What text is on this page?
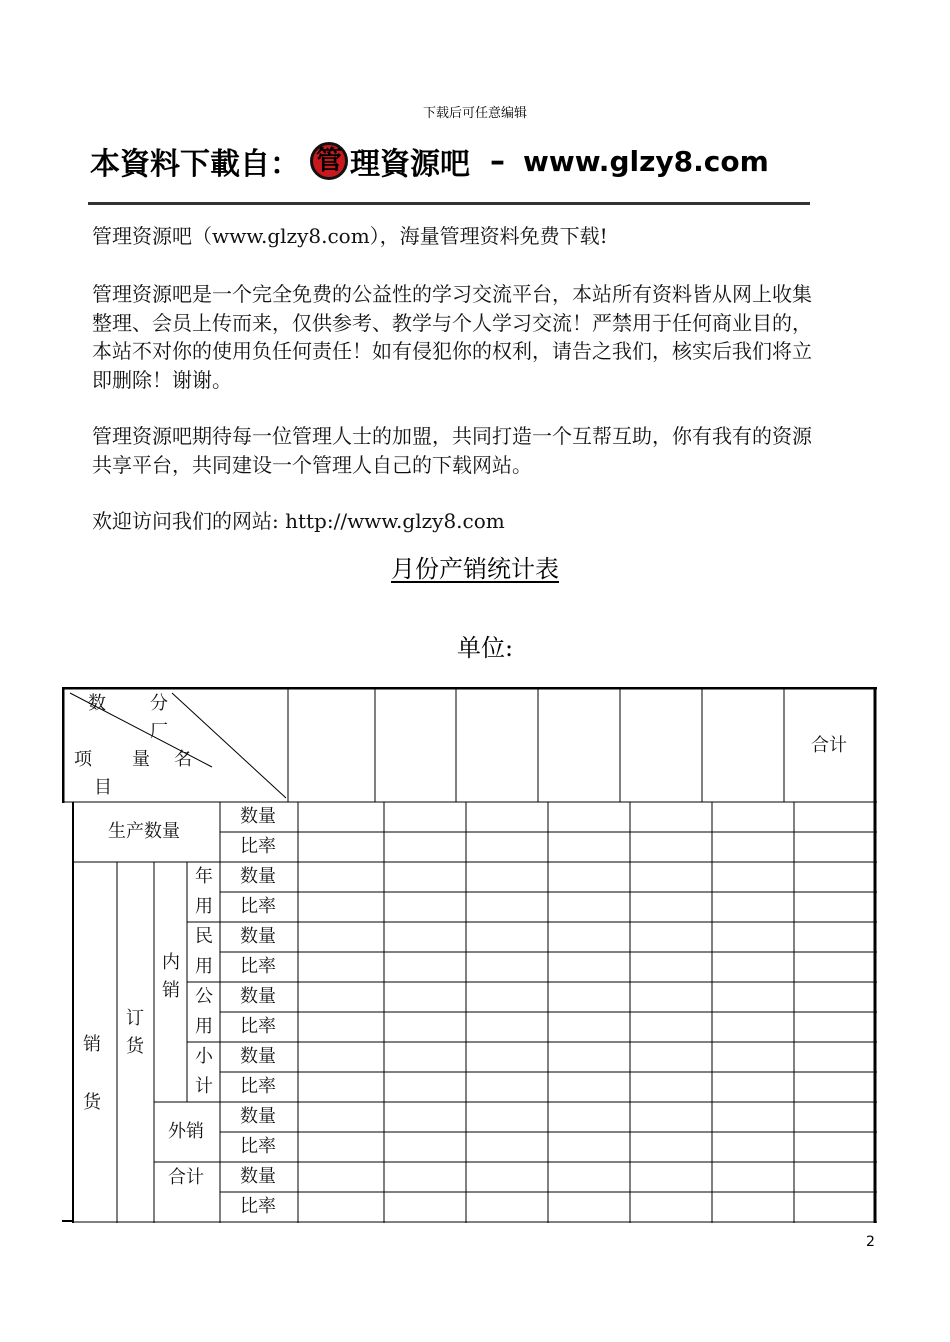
下载后可任意编辑
本資料下載自： 管 理資源吧 – www.glzy8.com
管理资源吧（www.glzy8.com），海量管理资料免费下载!
管理资源吧是一个完全免费的公益性的学习交流平台，本站所有资料皆从网上收集整理、会员上传而来，仅供参考、教学与个人学习交流！严禁用于任何商业目的，本站不对你的使用负任何责任！如有侵犯你的权利，请告之我们，核实后我们将立即删除！谢谢。
管理资源吧期待每一位管理人士的加盟，共同打造一个互帮互助，你有我有的资源共享平台，共同建设一个管理人自己的下载网站。
欢迎访问我们的网站: http://www.glzy8.com
月份产销统计表
单位:
数 分
厂
项 量 名
目
合计
生产数量
销
货
订
货
内
销
年
用
民
用
公
用
小
计
外销
合计
数量
比率
数量
比率
数量
比率
数量
比率
数量
比率
数量
比率
数量
比率
2
